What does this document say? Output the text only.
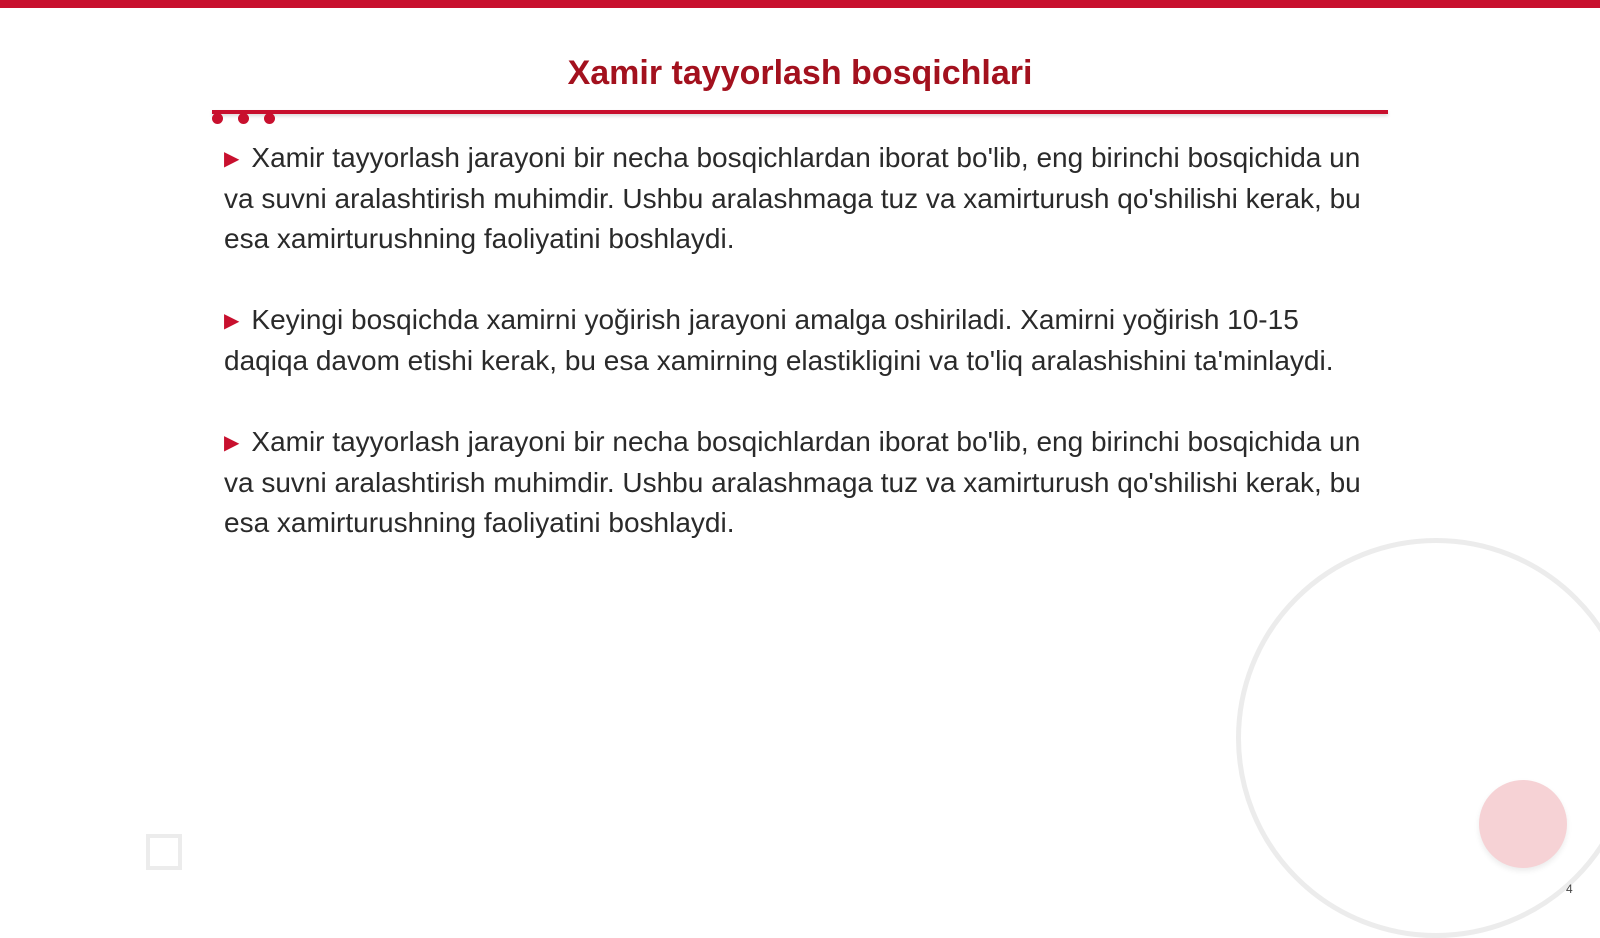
Xamir tayyorlash bosqichlari

▶ Xamir tayyorlash jarayoni bir necha bosqichlardan iborat bo'lib, eng birinchi bosqichida un va suvni aralashtirish muhimdir. Ushbu aralashmaga tuz va xamirturush qo'shilishi kerak, bu esa xamirturushning faoliyatini boshlaydi.

▶ Keyingi bosqichda xamirni yoğirish jarayoni amalga oshiriladi. Xamirni yoğirish 10-15 daqiqa davom etishi kerak, bu esa xamirning elastikligini va to'liq aralashishini ta'minlaydi.

▶ Xamir tayyorlash jarayoni bir necha bosqichlardan iborat bo'lib, eng birinchi bosqichida un va suvni aralashtirish muhimdir. Ushbu aralashmaga tuz va xamirturush qo'shilishi kerak, bu esa xamirturushning faoliyatini boshlaydi.

4
